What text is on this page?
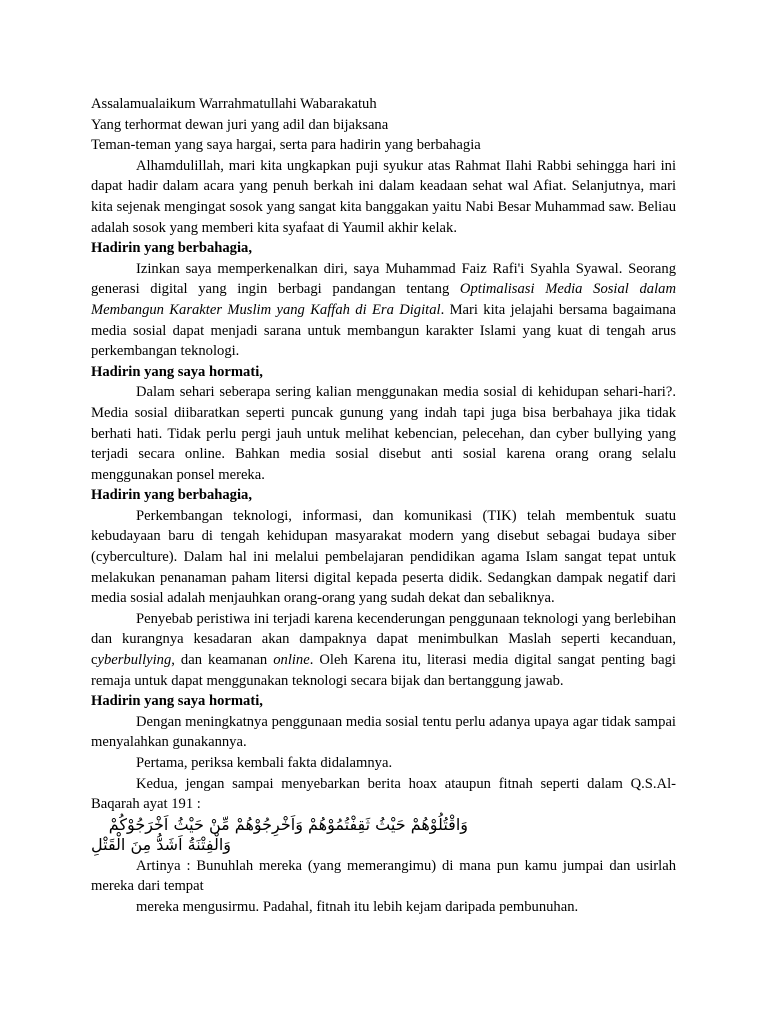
Assalamualaikum Warrahmatullahi Wabarakatuh
Yang terhormat dewan juri yang adil dan bijaksana
Teman-teman yang saya hargai, serta para hadirin yang berbahagia

Alhamdulillah, mari kita ungkapkan puji syukur atas Rahmat Ilahi Rabbi sehingga hari ini dapat hadir dalam acara yang penuh berkah ini dalam keadaan sehat wal Afiat. Selanjutnya, mari kita sejenak mengingat sosok yang sangat kita banggakan yaitu Nabi Besar Muhammad saw. Beliau adalah sosok yang memberi kita syafaat di Yaumil akhir kelak.

Hadirin yang berbahagia,

Izinkan saya memperkenalkan diri, saya Muhammad Faiz Rafi'i Syahla Syawal. Seorang generasi digital yang ingin berbagi pandangan tentang Optimalisasi Media Sosial dalam Membangun Karakter Muslim yang Kaffah di Era Digital. Mari kita jelajahi bersama bagaimana media sosial dapat menjadi sarana untuk membangun karakter Islami yang kuat di tengah arus perkembangan teknologi.

Hadirin yang saya hormati,

Dalam sehari seberapa sering kalian menggunakan media sosial di kehidupan sehari-hari?. Media sosial diibaratkan seperti puncak gunung yang indah tapi juga bisa berbahaya jika tidak berhati hati. Tidak perlu pergi jauh untuk melihat kebencian, pelecehan, dan cyber bullying yang terjadi secara online. Bahkan media sosial disebut anti sosial karena orang orang selalu menggunakan ponsel mereka.

Hadirin yang berbahagia,

Perkembangan teknologi, informasi, dan komunikasi (TIK) telah membentuk suatu kebudayaan baru di tengah kehidupan masyarakat modern yang disebut sebagai budaya siber (cyberculture). Dalam hal ini melalui pembelajaran pendidikan agama Islam sangat tepat untuk melakukan penanaman paham litersi digital kepada peserta didik. Sedangkan dampak negatif dari media sosial adalah menjauhkan orang-orang yang sudah dekat dan sebaliknya.

Penyebab peristiwa ini terjadi karena kecenderungan penggunaan teknologi yang berlebihan dan kurangnya kesadaran akan dampaknya dapat menimbulkan Maslah seperti kecanduan, cyberbullying, dan keamanan online. Oleh Karena itu, literasi media digital sangat penting bagi remaja untuk dapat menggunakan teknologi secara bijak dan bertanggung jawab.

Hadirin yang saya hormati,

Dengan meningkatnya penggunaan media sosial tentu perlu adanya upaya agar tidak sampai menyalahkan gunakannya.

Pertama, periksa kembali fakta didalamnya.

Kedua, jengan sampai menyebarkan berita hoax ataupun fitnah seperti dalam Q.S.Al-Baqarah ayat 191 :

وَاقْتُلُوْهُمْ حَيْثُ ثَقِفْتُمُوْهُمْ وَاَخْرِجُوْهُمْ مِّنْ حَيْثُ اَخْرَجُوْكُمْ

وَالْفِتْنَةُ اَشَدُّ مِنَ الْقَتْلِ

Artinya : Bunuhlah mereka (yang memerangimu) di mana pun kamu jumpai dan usirlah mereka dari tempat

mereka mengusirmu. Padahal, fitnah itu lebih kejam daripada pembunuhan.
